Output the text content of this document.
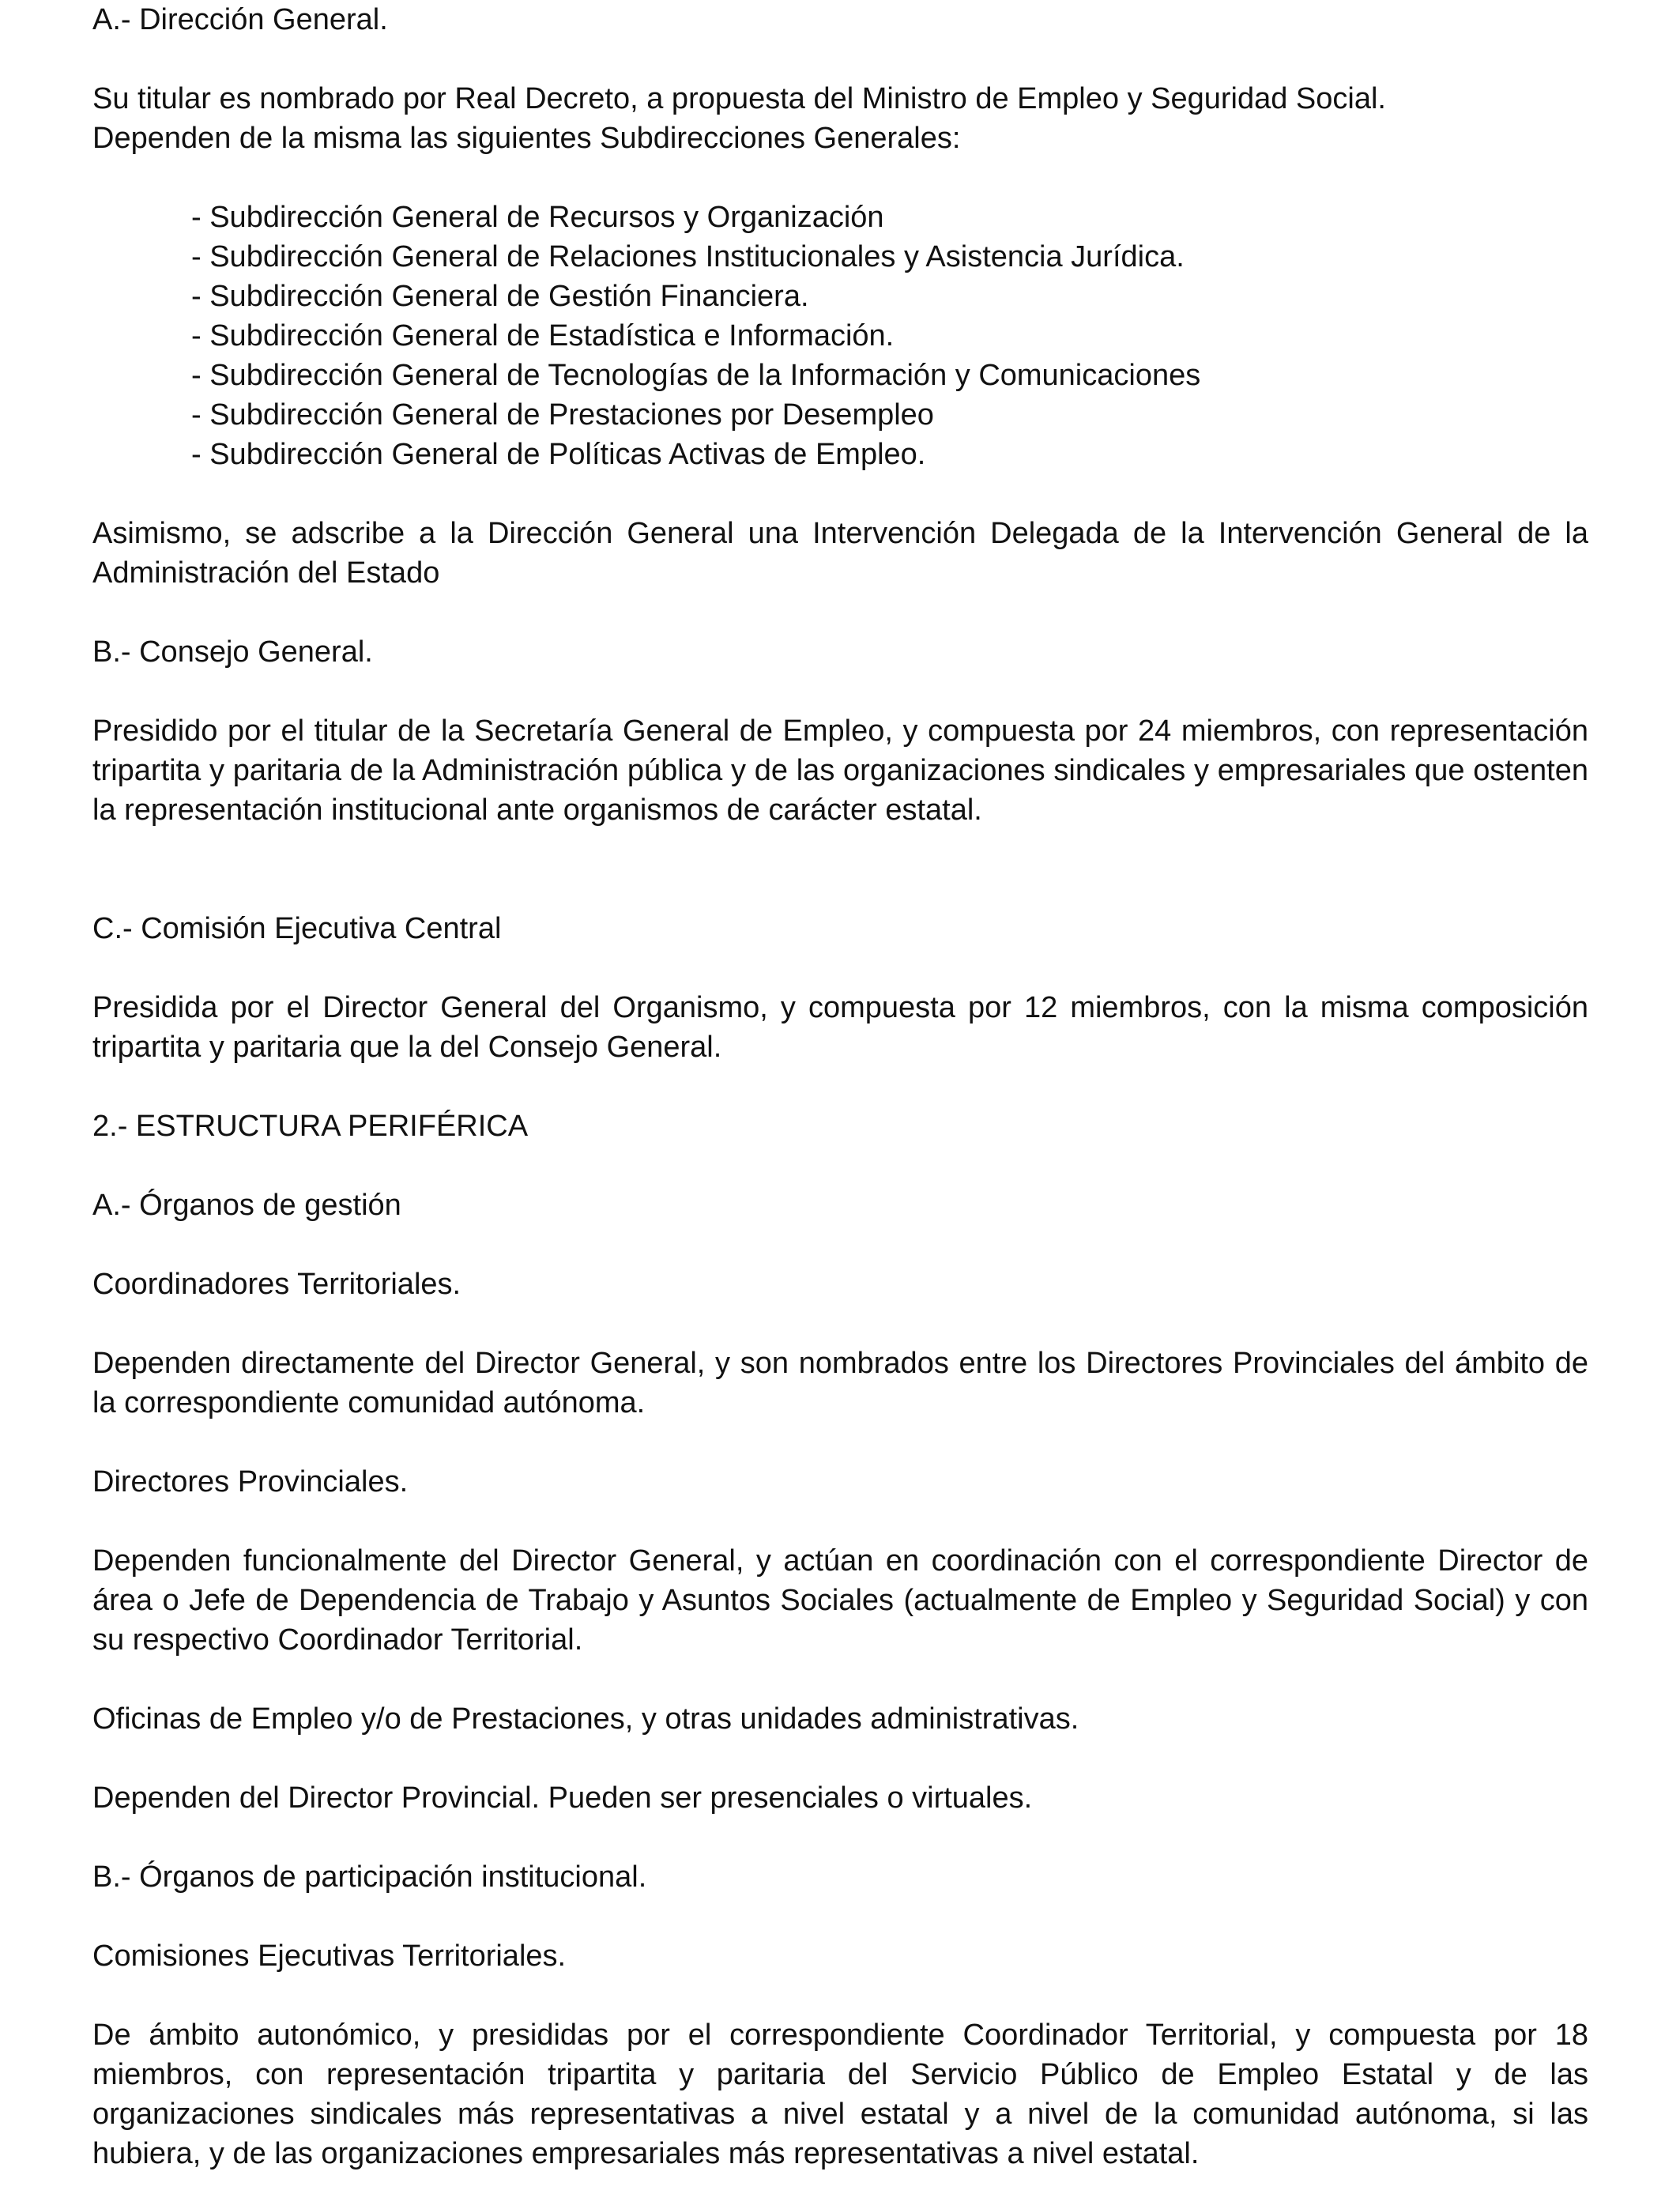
A.- Dirección General.

Su titular es nombrado por Real Decreto, a propuesta del Ministro de Empleo y Seguridad Social.

Dependen de la misma las siguientes Subdirecciones Generales:

- Subdirección General de Recursos y Organización
- Subdirección General de Relaciones Institucionales y Asistencia Jurídica.
- Subdirección General de Gestión Financiera.
- Subdirección General de Estadística e Información.
- Subdirección General de Tecnologías de la Información y Comunicaciones
- Subdirección General de Prestaciones por Desempleo
- Subdirección General de Políticas Activas de Empleo.

Asimismo, se adscribe a la Dirección General una Intervención Delegada de la Intervención General de la Administración del Estado

B.- Consejo General.

Presidido por el titular de la Secretaría General de Empleo, y compuesta por 24 miembros, con representación tripartita y paritaria de la Administración pública y de las organizaciones sindicales y empresariales que ostenten la representación institucional ante organismos de carácter estatal.

C.- Comisión Ejecutiva Central

Presidida por el Director General del Organismo, y compuesta por 12 miembros, con la misma composición tripartita y paritaria que la del Consejo General.

2.- ESTRUCTURA PERIFÉRICA

A.- Órganos de gestión

Coordinadores Territoriales.

Dependen directamente del Director General, y son nombrados entre los Directores Provinciales del ámbito de la correspondiente comunidad autónoma.

Directores Provinciales.

Dependen funcionalmente del Director General, y actúan en coordinación con el correspondiente Director de área o Jefe de Dependencia de Trabajo y Asuntos Sociales (actualmente de Empleo y Seguridad Social) y con su respectivo Coordinador Territorial.

Oficinas de Empleo y/o de Prestaciones, y otras unidades administrativas.

Dependen del Director Provincial. Pueden ser presenciales o virtuales.

B.- Órganos de participación institucional.

Comisiones Ejecutivas Territoriales.

De ámbito autonómico, y presididas por el correspondiente Coordinador Territorial, y compuesta por 18 miembros, con representación tripartita y paritaria del Servicio Público de Empleo Estatal y de las organizaciones sindicales más representativas a nivel estatal y a nivel de la comunidad autónoma, si las hubiera, y de las organizaciones empresariales más representativas a nivel estatal.
